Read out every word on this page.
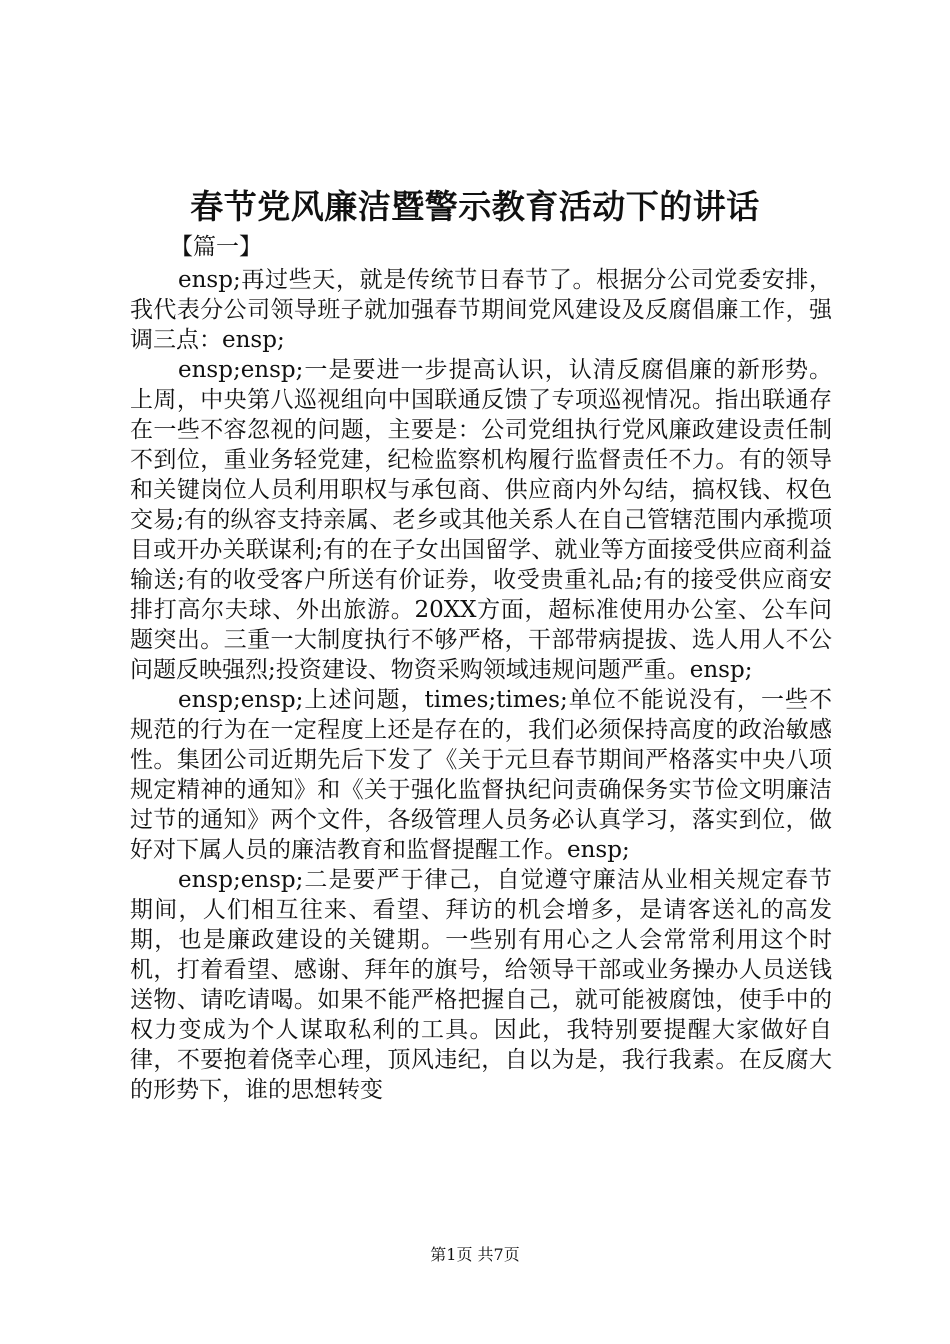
春节党风廉洁暨警示教育活动下的讲话
【篇一】

ensp;再过些天，就是传统节日春节了。根据分公司党委安排，我代表分公司领导班子就加强春节期间党风建设及反腐倡廉工作，强调三点：ensp;

ensp;ensp;一是要进一步提高认识，认清反腐倡廉的新形势。上周，中央第八巡视组向中国联通反馈了专项巡视情况。指出联通存在一些不容忽视的问题，主要是：公司党组执行党风廉政建设责任制不到位，重业务轻党建，纪检监察机构履行监督责任不力。有的领导和关键岗位人员利用职权与承包商、供应商内外勾结，搞权钱、权色交易;有的纵容支持亲属、老乡或其他关系人在自己管辖范围内承揽项目或开办关联谋利;有的在子女出国留学、就业等方面接受供应商利益输送;有的收受客户所送有价证券，收受贵重礼品;有的接受供应商安排打高尔夫球、外出旅游。20XX方面，超标准使用办公室、公车问题突出。三重一大制度执行不够严格，干部带病提拔、选人用人不公问题反映强烈;投资建设、物资采购领域违规问题严重。ensp;

ensp;ensp;上述问题，times;times;单位不能说没有，一些不规范的行为在一定程度上还是存在的，我们必须保持高度的政治敏感性。集团公司近期先后下发了《关于元旦春节期间严格落实中央八项规定精神的通知》和《关于强化监督执纪问责确保务实节俭文明廉洁过节的通知》两个文件，各级管理人员务必认真学习，落实到位，做好对下属人员的廉洁教育和监督提醒工作。ensp;

ensp;ensp;二是要严于律己，自觉遵守廉洁从业相关规定春节期间，人们相互往来、看望、拜访的机会增多，是请客送礼的高发期，也是廉政建设的关键期。一些别有用心之人会常常利用这个时机，打着看望、感谢、拜年的旗号，给领导干部或业务操办人员送钱送物、请吃请喝。如果不能严格把握自己，就可能被腐蚀，使手中的权力变成为个人谋取私利的工具。因此，我特别要提醒大家做好自律，不要抱着侥幸心理，顶风违纪，自以为是，我行我素。在反腐大的形势下，谁的思想转变

第1页 共7页
